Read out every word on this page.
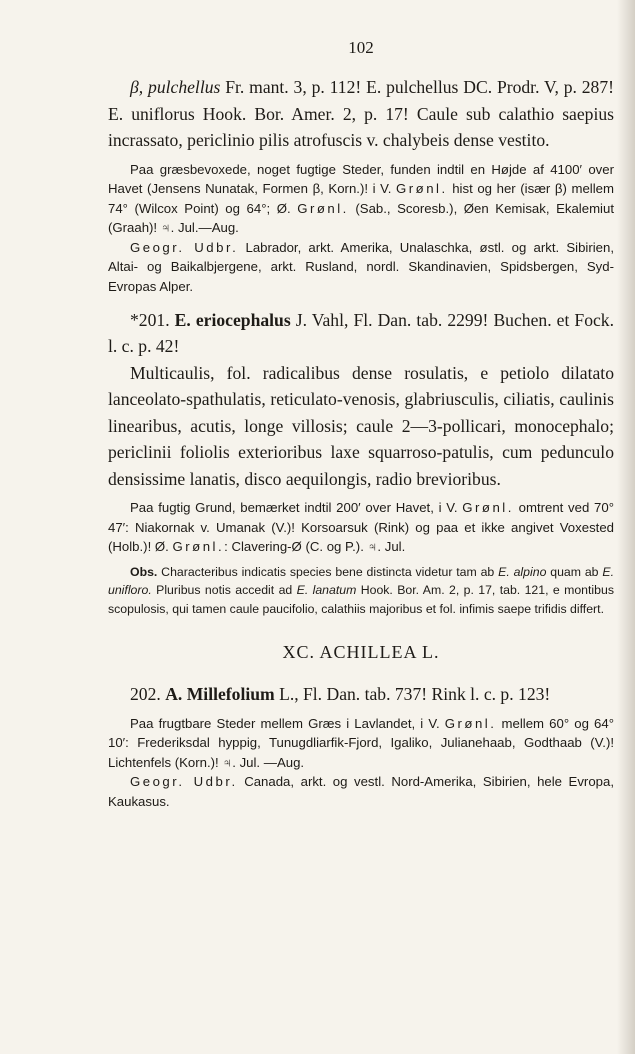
102

β, pulchellus Fr. mant. 3, p. 112! E. pulchellus DC. Prodr. V, p. 287! E. uniflorus Hook. Bor. Amer. 2, p. 17! Caule sub calathio saepius incrassato, periclinio pilis atrofuscis v. chalybeis dense vestito.

Paa græsbevoxede, noget fugtige Steder, funden indtil en Højde af 4100′ over Havet (Jensens Nunatak, Formen β, Korn.)! i V. Grønl. hist og her (især β) mellem 74° (Wilcox Point) og 64°; Ø. Grønl. (Sab., Scoresb.), Øen Kemisak, Ekalemiut (Graah)! ♃. Jul.—Aug.

Geogr. Udbr. Labrador, arkt. Amerika, Unalaschka, østl. og arkt. Sibirien, Altai- og Baikalbjergene, arkt. Rusland, nordl. Skandinavien, Spidsbergen, Syd-Evropas Alper.

*201. E. eriocephalus J. Vahl, Fl. Dan. tab. 2299! Buchen. et Fock. l. c. p. 42!

Multicaulis, fol. radicalibus dense rosulatis, e petiolo dilatato lanceolato-spathulatis, reticulato-venosis, glabriusculis, ciliatis, caulinis linearibus, acutis, longe villosis; caule 2—3-pollicari, monocephalo; periclinii foliolis exterioribus laxe squarroso-patulis, cum pedunculo densissime lanatis, disco aequilongis, radio brevioribus.

Paa fugtig Grund, bemærket indtil 200′ over Havet, i V. Grønl. omtrent ved 70° 47′: Niakornak v. Umanak (V.)! Korsoarsuk (Rink) og paa et ikke angivet Voxested (Holb.)! Ø. Grønl.: Clavering-Ø (C. og P.). ♃. Jul.

Obs. Characteribus indicatis species bene distincta videtur tam ab E. alpino quam ab E. unifloro. Pluribus notis accedit ad E. lanatum Hook. Bor. Am. 2, p. 17, tab. 121, e montibus scopulosis, qui tamen caule paucifolio, calathiis majoribus et fol. infimis saepe trifidis differt.

XC. ACHILLEA L.

202. A. Millefolium L., Fl. Dan. tab. 737! Rink l. c. p. 123!

Paa frugtbare Steder mellem Græs i Lavlandet, i V. Grønl. mellem 60° og 64° 10′: Frederiksdal hyppig, Tunugdliarfik-Fjord, Igaliko, Julianehaab, Godthaab (V.)! Lichtenfels (Korn.)! ♃. Jul. —Aug.

Geogr. Udbr. Canada, arkt. og vestl. Nord-Amerika, Sibirien, hele Evropa, Kaukasus.
